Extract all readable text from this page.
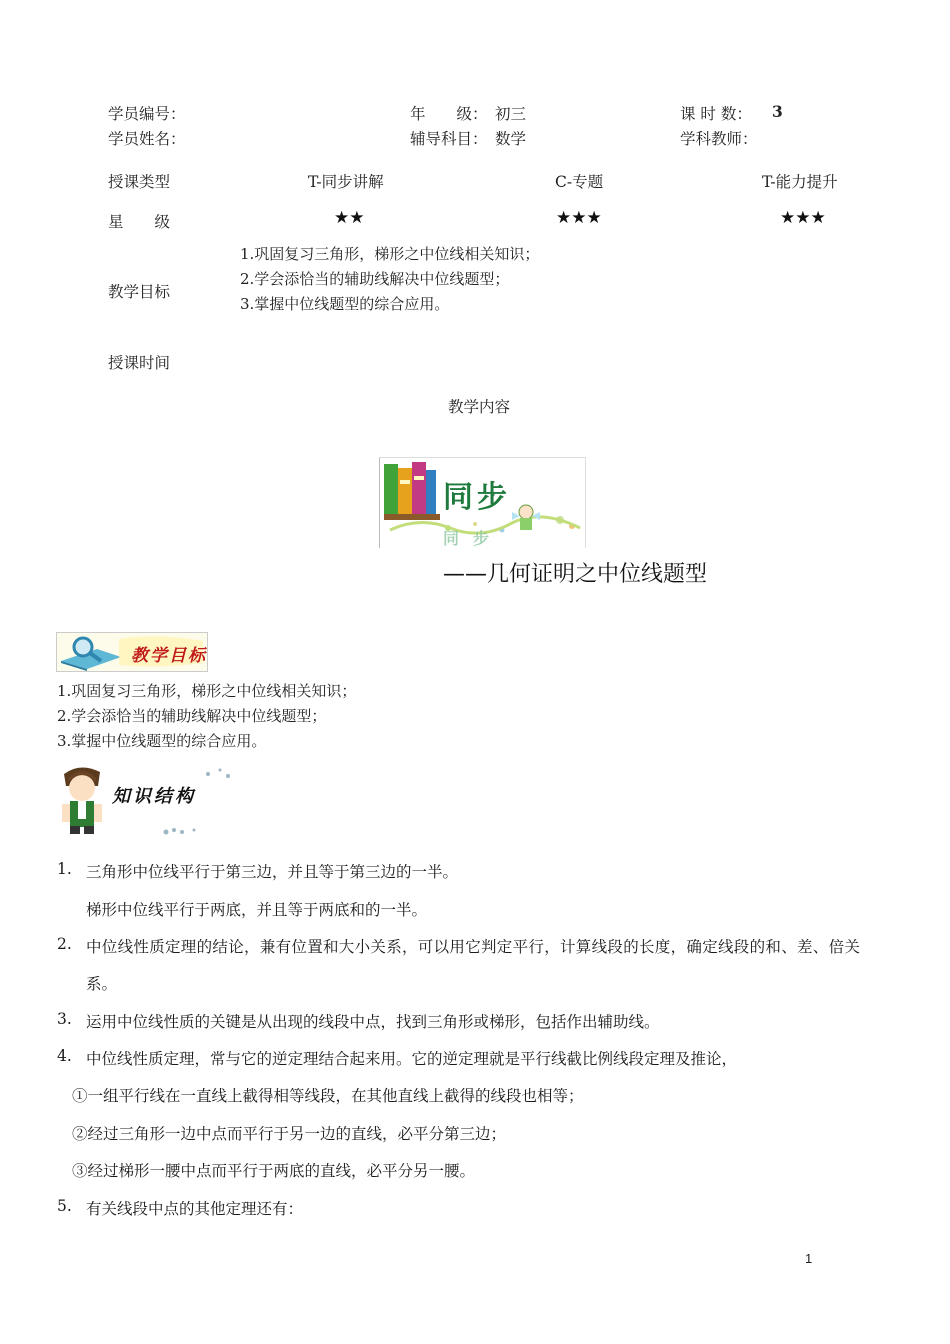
学员编号：	年　　级： 初三	课 时 数： 3
学员姓名：	辅导科目： 数学	学科教师：
授课类型	T-同步讲解	C-专题	T-能力提升
星　　级	★★	★★★	★★★
教学目标
1.巩固复习三角形，梯形之中位线相关知识；
2.学会添恰当的辅助线解决中位线题型；
3.掌握中位线题型的综合应用。
授课时间
教学内容
同步
同步
——几何证明之中位线题型
教学目标
1.巩固复习三角形，梯形之中位线相关知识；
2.学会添恰当的辅助线解决中位线题型；
3.掌握中位线题型的综合应用。
知识结构
1. 三角形中位线平行于第三边，并且等于第三边的一半。
梯形中位线平行于两底，并且等于两底和的一半。
2. 中位线性质定理的结论，兼有位置和大小关系，可以用它判定平行，计算线段的长度，确定线段的和、差、倍关
系。
3. 运用中位线性质的关键是从出现的线段中点，找到三角形或梯形，包括作出辅助线。
4. 中位线性质定理，常与它的逆定理结合起来用。它的逆定理就是平行线截比例线段定理及推论，
①一组平行线在一直线上截得相等线段，在其他直线上截得的线段也相等；
②经过三角形一边中点而平行于另一边的直线，必平分第三边；
③经过梯形一腰中点而平行于两底的直线，必平分另一腰。
5. 有关线段中点的其他定理还有：
1
